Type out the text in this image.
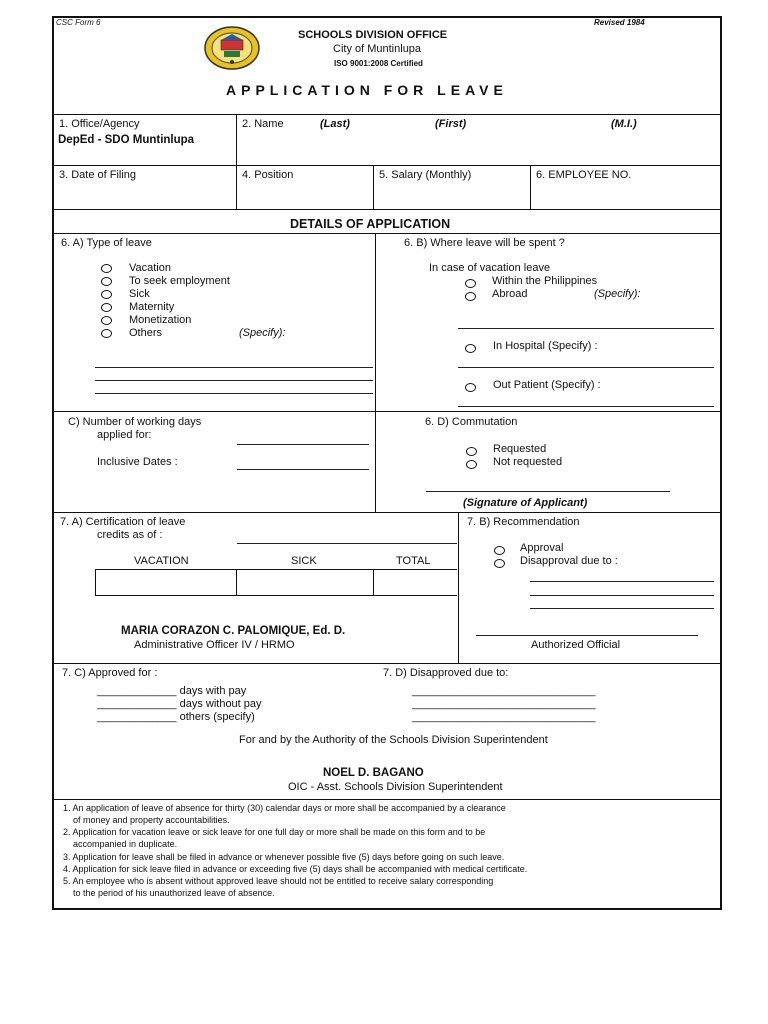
CSC Form 6	Revised 1984
SCHOOLS DIVISION OFFICE
City of Muntinlupa
ISO 9001:2008 Certified
APPLICATION FOR LEAVE
1. Office/Agency
DepEd - SDO Muntinlupa
2. Name	(Last)	(First)	(M.I.)
3. Date of Filing	4. Position	5. Salary (Monthly)	6. EMPLOYEE NO.
DETAILS OF APPLICATION
6. A) Type of leave
Vacation
To seek employment
Sick
Maternity
Monetization
Others	(Specify):
6. B) Where leave will be spent ?
In case of vacation leave
Within the Philippines
Abroad	(Specify):
In Hospital (Specify) :
Out Patient (Specify) :
C) Number of working days
applied for:
Inclusive Dates :
6. D) Commutation
Requested
Not requested
(Signature of Applicant)
7. A) Certification of leave
credits as of :
VACATION	SICK	TOTAL
MARIA CORAZON C. PALOMIQUE, Ed. D.
Administrative Officer IV / HRMO
7. B) Recommendation
Approval
Disapproval due to :
Authorized Official
7. C) Approved for :
_____________ days with pay
_____________ days without pay
_____________ others (specify)
7. D) Disapproved due to:
______________________________
______________________________
______________________________
For and by the Authority of the Schools Division Superintendent
NOEL D. BAGANO
OIC - Asst. Schools Division Superintendent
1. An application of leave of absence for thirty (30) calendar days or more shall be accompanied by a clearance
of money and property accountabilities.
2. Application for vacation leave or sick leave for one full day or more shall be made on this form and to be
accompanied in duplicate.
3. Application for leave shall be filed in advance or whenever possible five (5) days before going on such leave.
4. Application for sick leave filed in advance or exceeding five (5) days shall be accompanied with medical certificate.
5. An employee who is absent without approved leave should not be entitled to receive salary corresponding
to the period of his unauthorized leave of absence.
